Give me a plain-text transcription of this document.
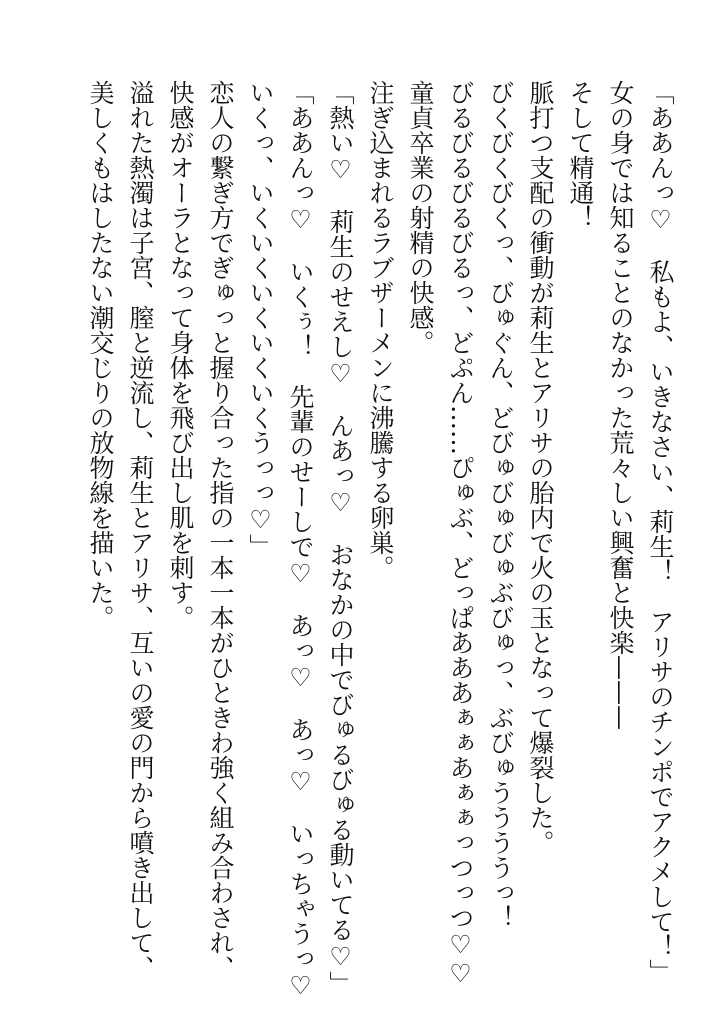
「ああんっ♡　私もよ、いきなさい、莉生！　アリサのチンポでアクメして！」

女の身では知ることのなかった荒々しい興奮と快楽———

そして精通！

脈打つ支配の衝動が莉生とアリサの胎内で火の玉となって爆裂した。

びくびくびくっ、びゅぐん、どびゅびゅびゅぶびゅっ、ぶびゅううううっ！

びるびるびるびるっ、どぷん……ぴゅぶ、どっぱあああぁぁあぁぁっつっつ♡♡

童貞卒業の射精の快感。

注ぎ込まれるラブザーメンに沸騰する卵巣。

「熱い♡　莉生のせえし♡　んあっ♡　おなかの中でびゅるびゅる動いてる♡」

「ああんっ♡　いくぅ！　先輩のせーしで♡　あっ♡　あっ♡　いっちゃうっ♡

いくっ、いくいくいくいくいくうっっ♡」

恋人の繋ぎ方でぎゅっと握り合った指の一本一本がひときわ強く組み合わされ、

快感がオーラとなって身体を飛び出し肌を刺す。

溢れた熱濁は子宮、膣と逆流し、莉生とアリサ、互いの愛の門から噴き出して、

美しくもはしたない潮交じりの放物線を描いた。
